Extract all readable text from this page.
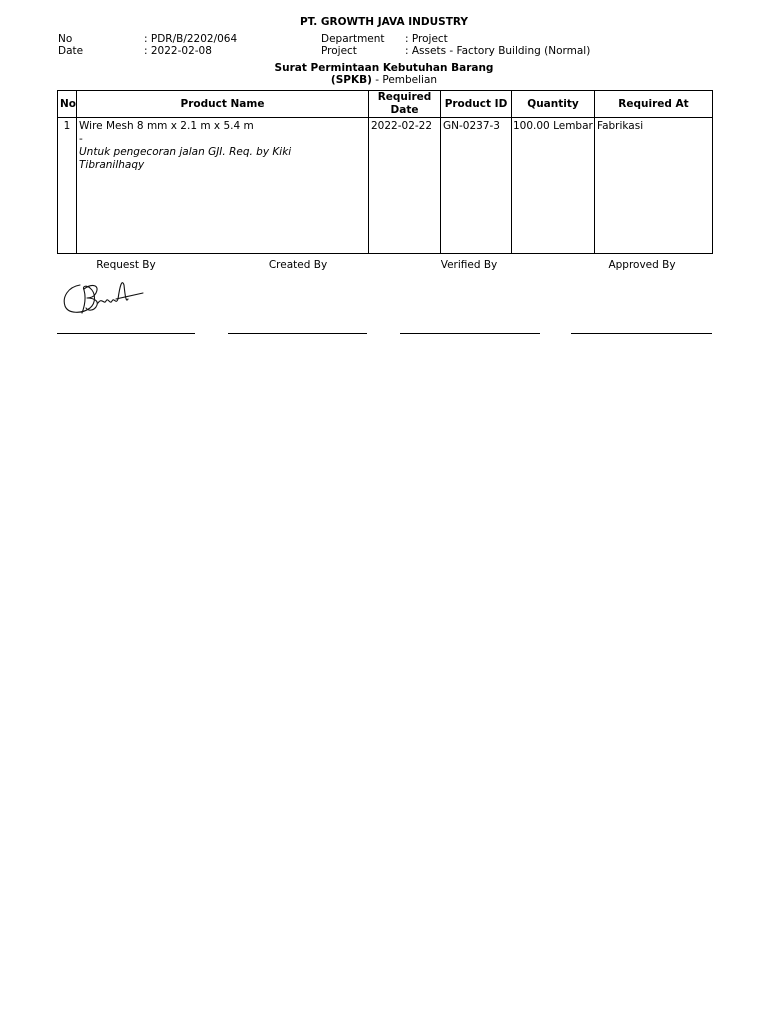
PT. GROWTH JAVA INDUSTRY
No	: PDR/B/2202/064
Date	: 2022-02-08
Department : Project
Project	: Assets - Factory Building (Normal)
Surat Permintaan Kebutuhan Barang
(SPKB) - Pembelian
No	Product Name	Required Date	Product ID	Quantity	Required At
1	Wire Mesh 8 mm x 2.1 m x 5.4 m
-
Untuk pengecoran jalan GJI. Req. by Kiki Tibranilhaqy	2022-02-22	GN-0237-3	100.00 Lembar	Fabrikasi
Request By	Created By	Verified By	Approved By
